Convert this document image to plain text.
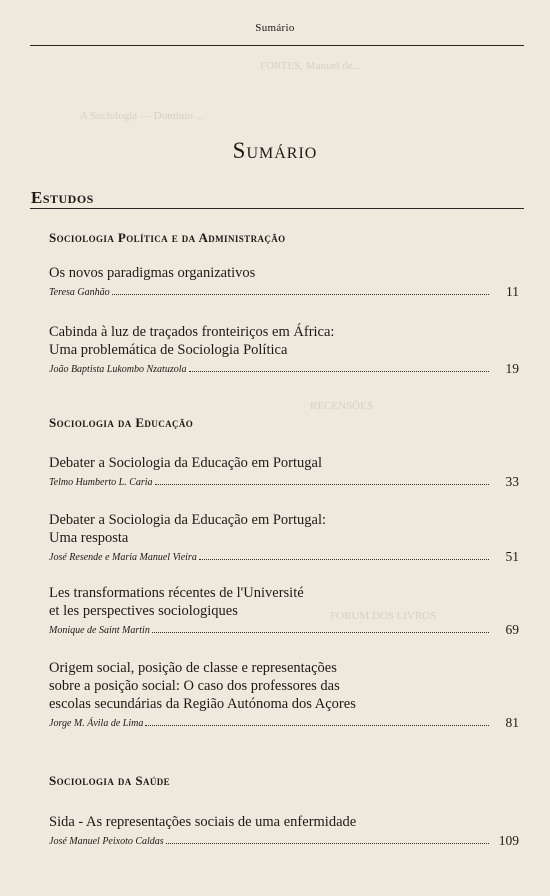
FORTES, Manuel de...
A Sociologia — Domínio ...
RECENSÕES
FORUM DOS LIVROS
Sumário
Sumário
Estudos
Sociologia Política e da Administração
Os novos paradigmas organizativos
Teresa Ganhão	11
Cabinda à luz de traçados fronteiriços em África:
Uma problemática de Sociologia Política
João Baptista Lukombo Nzatuzola	19
Sociologia da Educação
Debater a Sociologia da Educação em Portugal
Telmo Humberto L. Caria	33
Debater a Sociologia da Educação em Portugal:
Uma resposta
José Resende e Maria Manuel Vieira	51
Les transformations récentes de l'Université
et les perspectives sociologiques
Monique de Saint Martin	69
Origem social, posição de classe e representações
sobre a posição social: O caso dos professores das
escolas secundárias da Região Autónoma dos Açores
Jorge M. Ávila de Lima	81
Sociologia da Saúde
Sida - As representações sociais de uma enfermidade
José Manuel Peixoto Caldas	109
